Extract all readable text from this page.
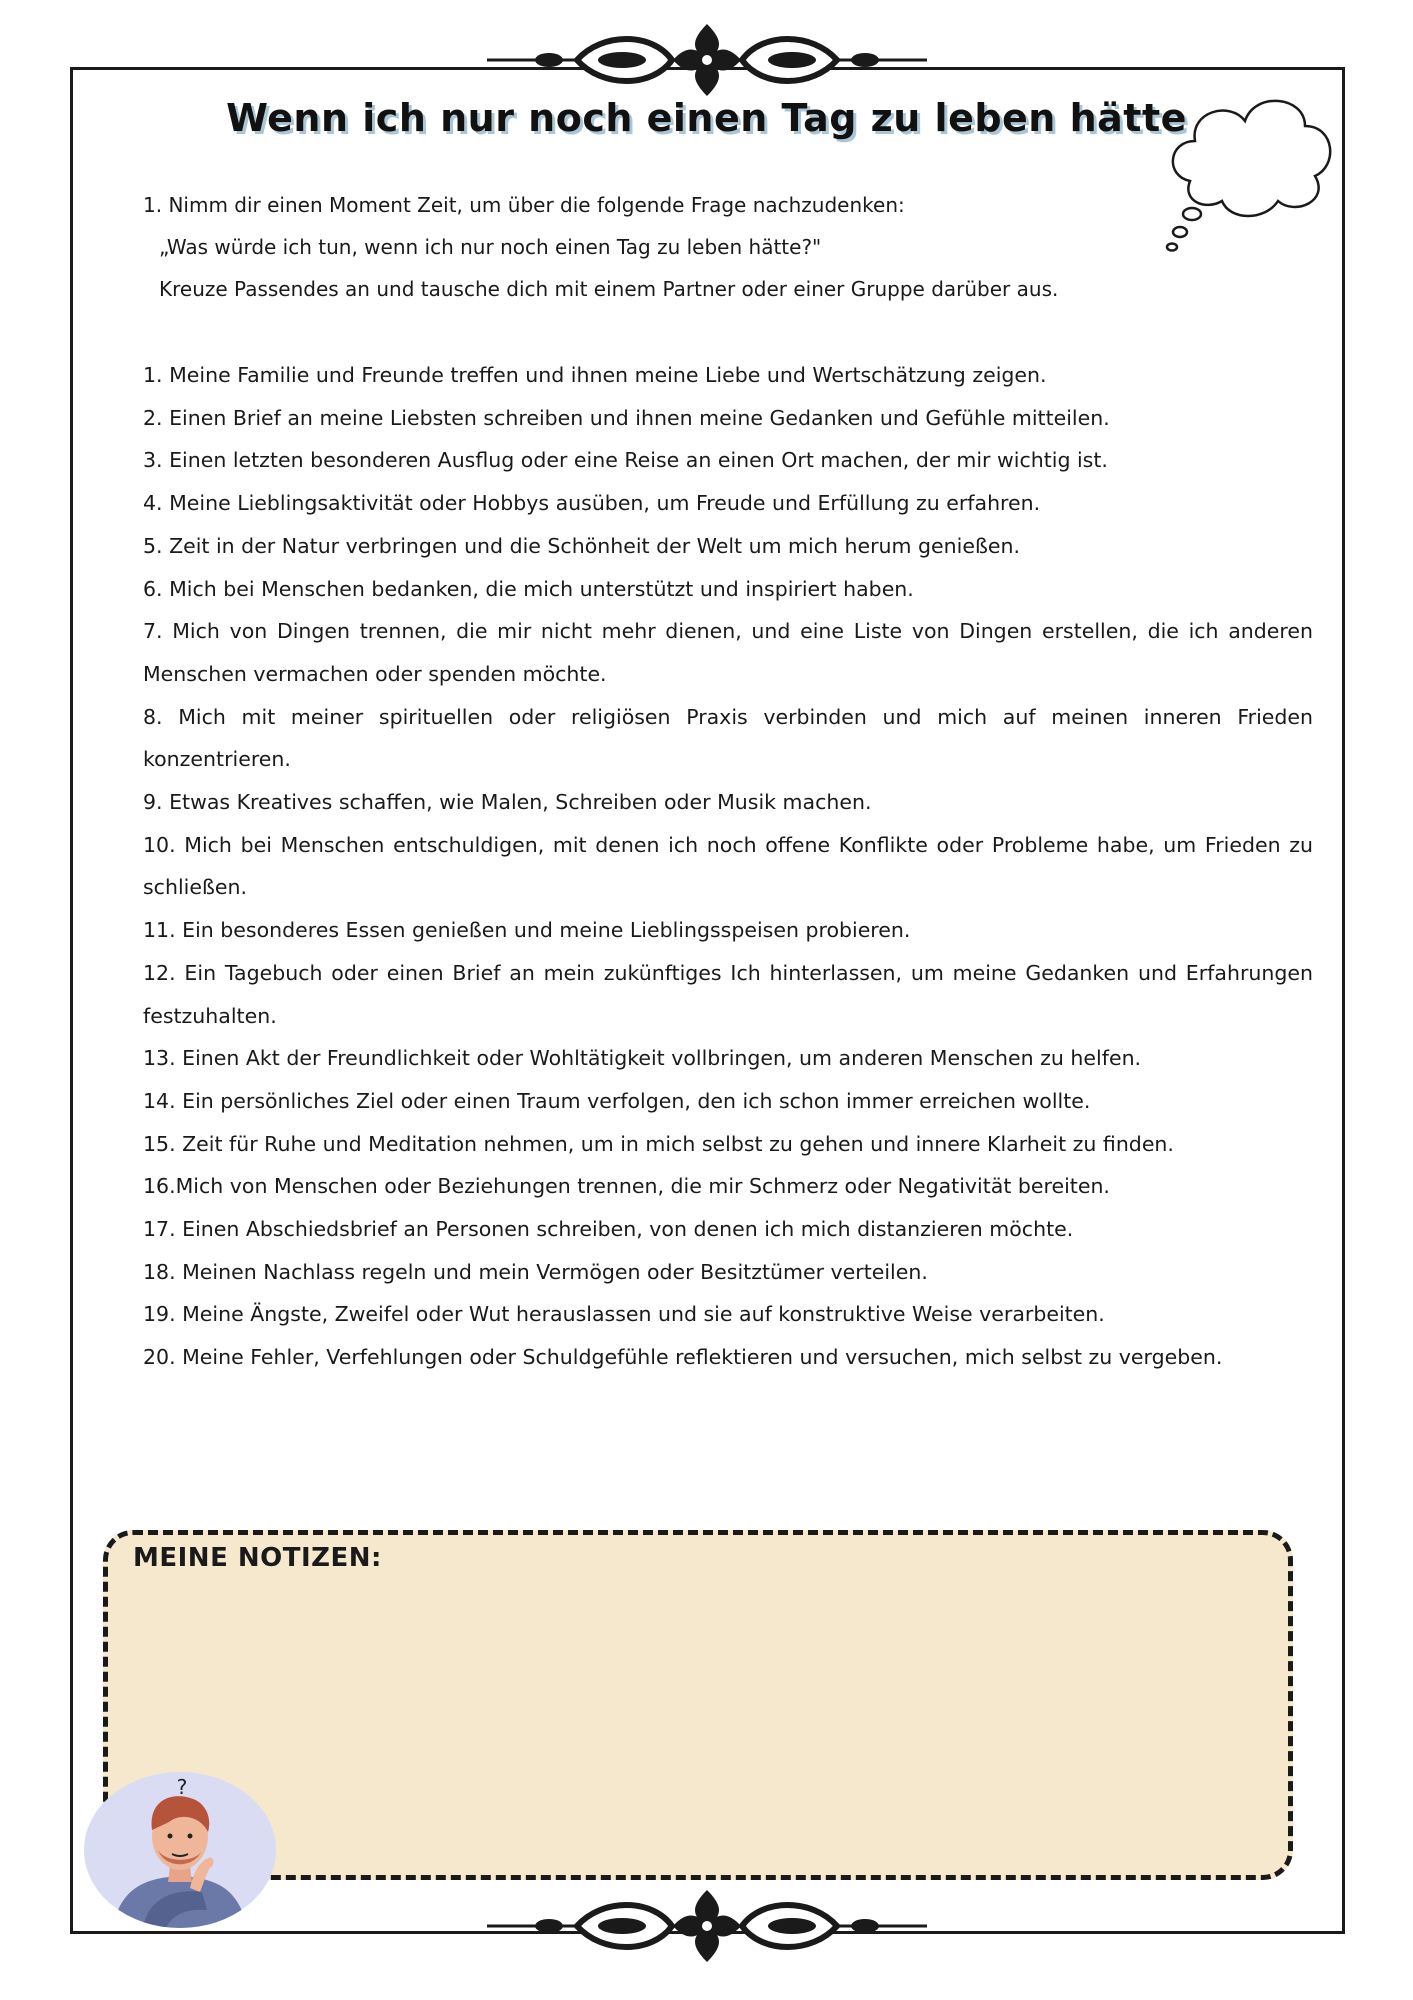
Wenn ich nur noch einen Tag zu leben hätte
1. Nimm dir einen Moment Zeit, um über die folgende Frage nachzudenken:
„Was würde ich tun, wenn ich nur noch einen Tag zu leben hätte?"
Kreuze Passendes an und tausche dich mit einem Partner oder einer Gruppe darüber aus.
1. Meine Familie und Freunde treffen und ihnen meine Liebe und Wertschätzung zeigen.
2. Einen Brief an meine Liebsten schreiben und ihnen meine Gedanken und Gefühle mitteilen.
3. Einen letzten besonderen Ausflug oder eine Reise an einen Ort machen, der mir wichtig ist.
4. Meine Lieblingsaktivität oder Hobbys ausüben, um Freude und Erfüllung zu erfahren.
5. Zeit in der Natur verbringen und die Schönheit der Welt um mich herum genießen.
6. Mich bei Menschen bedanken, die mich unterstützt und inspiriert haben.
7. Mich von Dingen trennen, die mir nicht mehr dienen, und eine Liste von Dingen erstellen, die ich anderen Menschen vermachen oder spenden möchte.
8. Mich mit meiner spirituellen oder religiösen Praxis verbinden und mich auf meinen inneren Frieden konzentrieren.
9. Etwas Kreatives schaffen, wie Malen, Schreiben oder Musik machen.
10. Mich bei Menschen entschuldigen, mit denen ich noch offene Konflikte oder Probleme habe, um Frieden zu schließen.
11. Ein besonderes Essen genießen und meine Lieblingsspeisen probieren.
12. Ein Tagebuch oder einen Brief an mein zukünftiges Ich hinterlassen, um meine Gedanken und Erfahrungen festzuhalten.
13. Einen Akt der Freundlichkeit oder Wohltätigkeit vollbringen, um anderen Menschen zu helfen.
14. Ein persönliches Ziel oder einen Traum verfolgen, den ich schon immer erreichen wollte.
15. Zeit für Ruhe und Meditation nehmen, um in mich selbst zu gehen und innere Klarheit zu finden.
16.Mich von Menschen oder Beziehungen trennen, die mir Schmerz oder Negativität bereiten.
17. Einen Abschiedsbrief an Personen schreiben, von denen ich mich distanzieren möchte.
18. Meinen Nachlass regeln und mein Vermögen oder Besitztümer verteilen.
19. Meine Ängste, Zweifel oder Wut herauslassen und sie auf konstruktive Weise verarbeiten.
20. Meine Fehler, Verfehlungen oder Schuldgefühle reflektieren und versuchen, mich selbst zu vergeben.
MEINE NOTIZEN:
?
